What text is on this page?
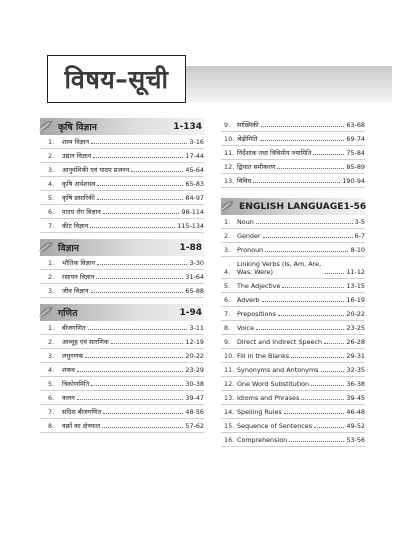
विषय–सूची
कृषि विज्ञान	1-134
1.	शस्य विज्ञान	3-16
2.	उद्यान विज्ञान	17-44
3.	आनुवंशिकी एवं पादप प्रजनन	45-64
4.	कृषि अर्थशास्त्र	65-83
5.	कृषि प्रसारिकी	84-97
6.	पादप रोग विज्ञान	98-114
7.	कीट विज्ञान	115-134
विज्ञान	1-88
1.	भौतिक विज्ञान	3-30
2.	रसायन विज्ञान	31-64
3.	जीव विज्ञान	65-88
गणित	1-94
1.	बीजगणित	3-11
2.	आव्यूह एवं सारणिक	12-19
3.	लघुगणक	20-22
4.	शंकव	23-29
5.	त्रिकोणमिति	30-38
6.	कलन	39-47
7.	सदिश बीजगणित	48-56
8.	वक्रों का क्षेत्रफल	57-62
9.	सांख्यिकी	63-68
10. श्रेढ़ीमिति	69-74
11. निर्देशांक तथा त्रिविमीय ज्यामिति	75-84
12. द्विघात समीकरण	85-89
13. विविध	190-94
ENGLISH LANGUAGE 1-56
1.	Noun	3-5
2.	Gender	6-7
3.	Pronoun	8-10
4.
Linking Verbs (Is, Am, Are, Was, Were)	11-12
5.	The Adjective	13-15
6.	Adverb	16-19
7.	Prepositions	20-22
8.	Voice	23-25
9.	Direct and Indirect Speech	26-28
10. Fill in the Blanks	29-31
11. Synonyms and Antonyms	32-35
12. One Word Substitution	36-38
13. Idioms and Phrases	39-45
14. Spelling Rules	46-48
15. Sequence of Sentences	49-52
16. Comprehension	53-56
